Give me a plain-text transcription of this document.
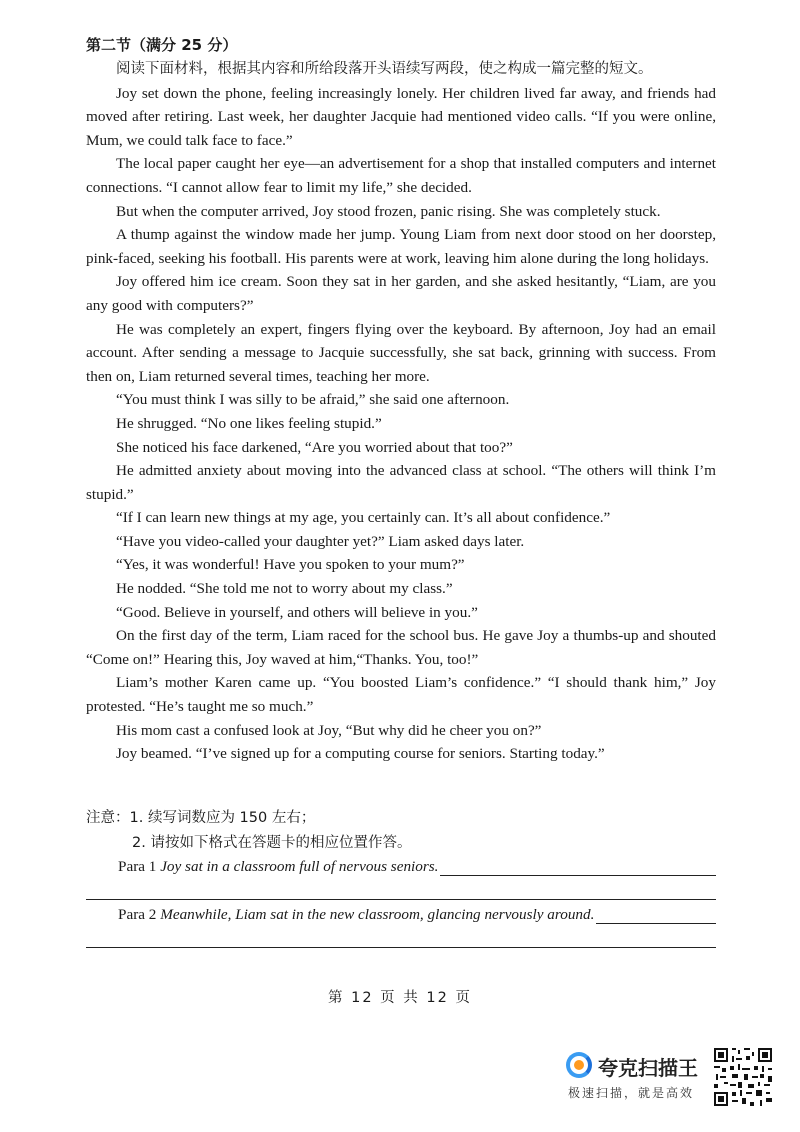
第二节（满分 25 分）

阅读下面材料，根据其内容和所给段落开头语续写两段，使之构成一篇完整的短文。

Joy set down the phone, feeling increasingly lonely. Her children lived far away, and friends had moved after retiring. Last week, her daughter Jacquie had mentioned video calls. “If you were online, Mum, we could talk face to face.”

The local paper caught her eye—an advertisement for a shop that installed computers and internet connections. “I cannot allow fear to limit my life,” she decided.

But when the computer arrived, Joy stood frozen, panic rising. She was completely stuck.

A thump against the window made her jump. Young Liam from next door stood on her doorstep, pink-faced, seeking his football. His parents were at work, leaving him alone during the long holidays.

Joy offered him ice cream. Soon they sat in her garden, and she asked hesitantly, “Liam, are you any good with computers?”

He was completely an expert, fingers flying over the keyboard. By afternoon, Joy had an email account. After sending a message to Jacquie successfully, she sat back, grinning with success. From then on, Liam returned several times, teaching her more.

“You must think I was silly to be afraid,” she said one afternoon.

He shrugged. “No one likes feeling stupid.”

She noticed his face darkened, “Are you worried about that too?”

He admitted anxiety about moving into the advanced class at school. “The others will think I’m stupid.”

“If I can learn new things at my age, you certainly can. It’s all about confidence.”

“Have you video-called your daughter yet?” Liam asked days later.

“Yes, it was wonderful! Have you spoken to your mum?”

He nodded. “She told me not to worry about my class.”

“Good. Believe in yourself, and others will believe in you.”

On the first day of the term, Liam raced for the school bus. He gave Joy a thumbs-up and shouted “Come on!” Hearing this, Joy waved at him,“Thanks. You, too!”

Liam’s mother Karen came up. “You boosted Liam’s confidence.” “I should thank him,” Joy protested. “He’s taught me so much.”

His mom cast a confused look at Joy, “But why did he cheer you on?”

Joy beamed. “I’ve signed up for a computing course for seniors. Starting today.”

注意：1. 续写词数应为 150 左右；
2. 请按如下格式在答题卡的相应位置作答。
Para 1 Joy sat in a classroom full of nervous seniors.
Para 2 Meanwhile, Liam sat in the new classroom, glancing nervously around.
第 12 页 共 12 页
夸克扫描王
极速扫描，就是高效
